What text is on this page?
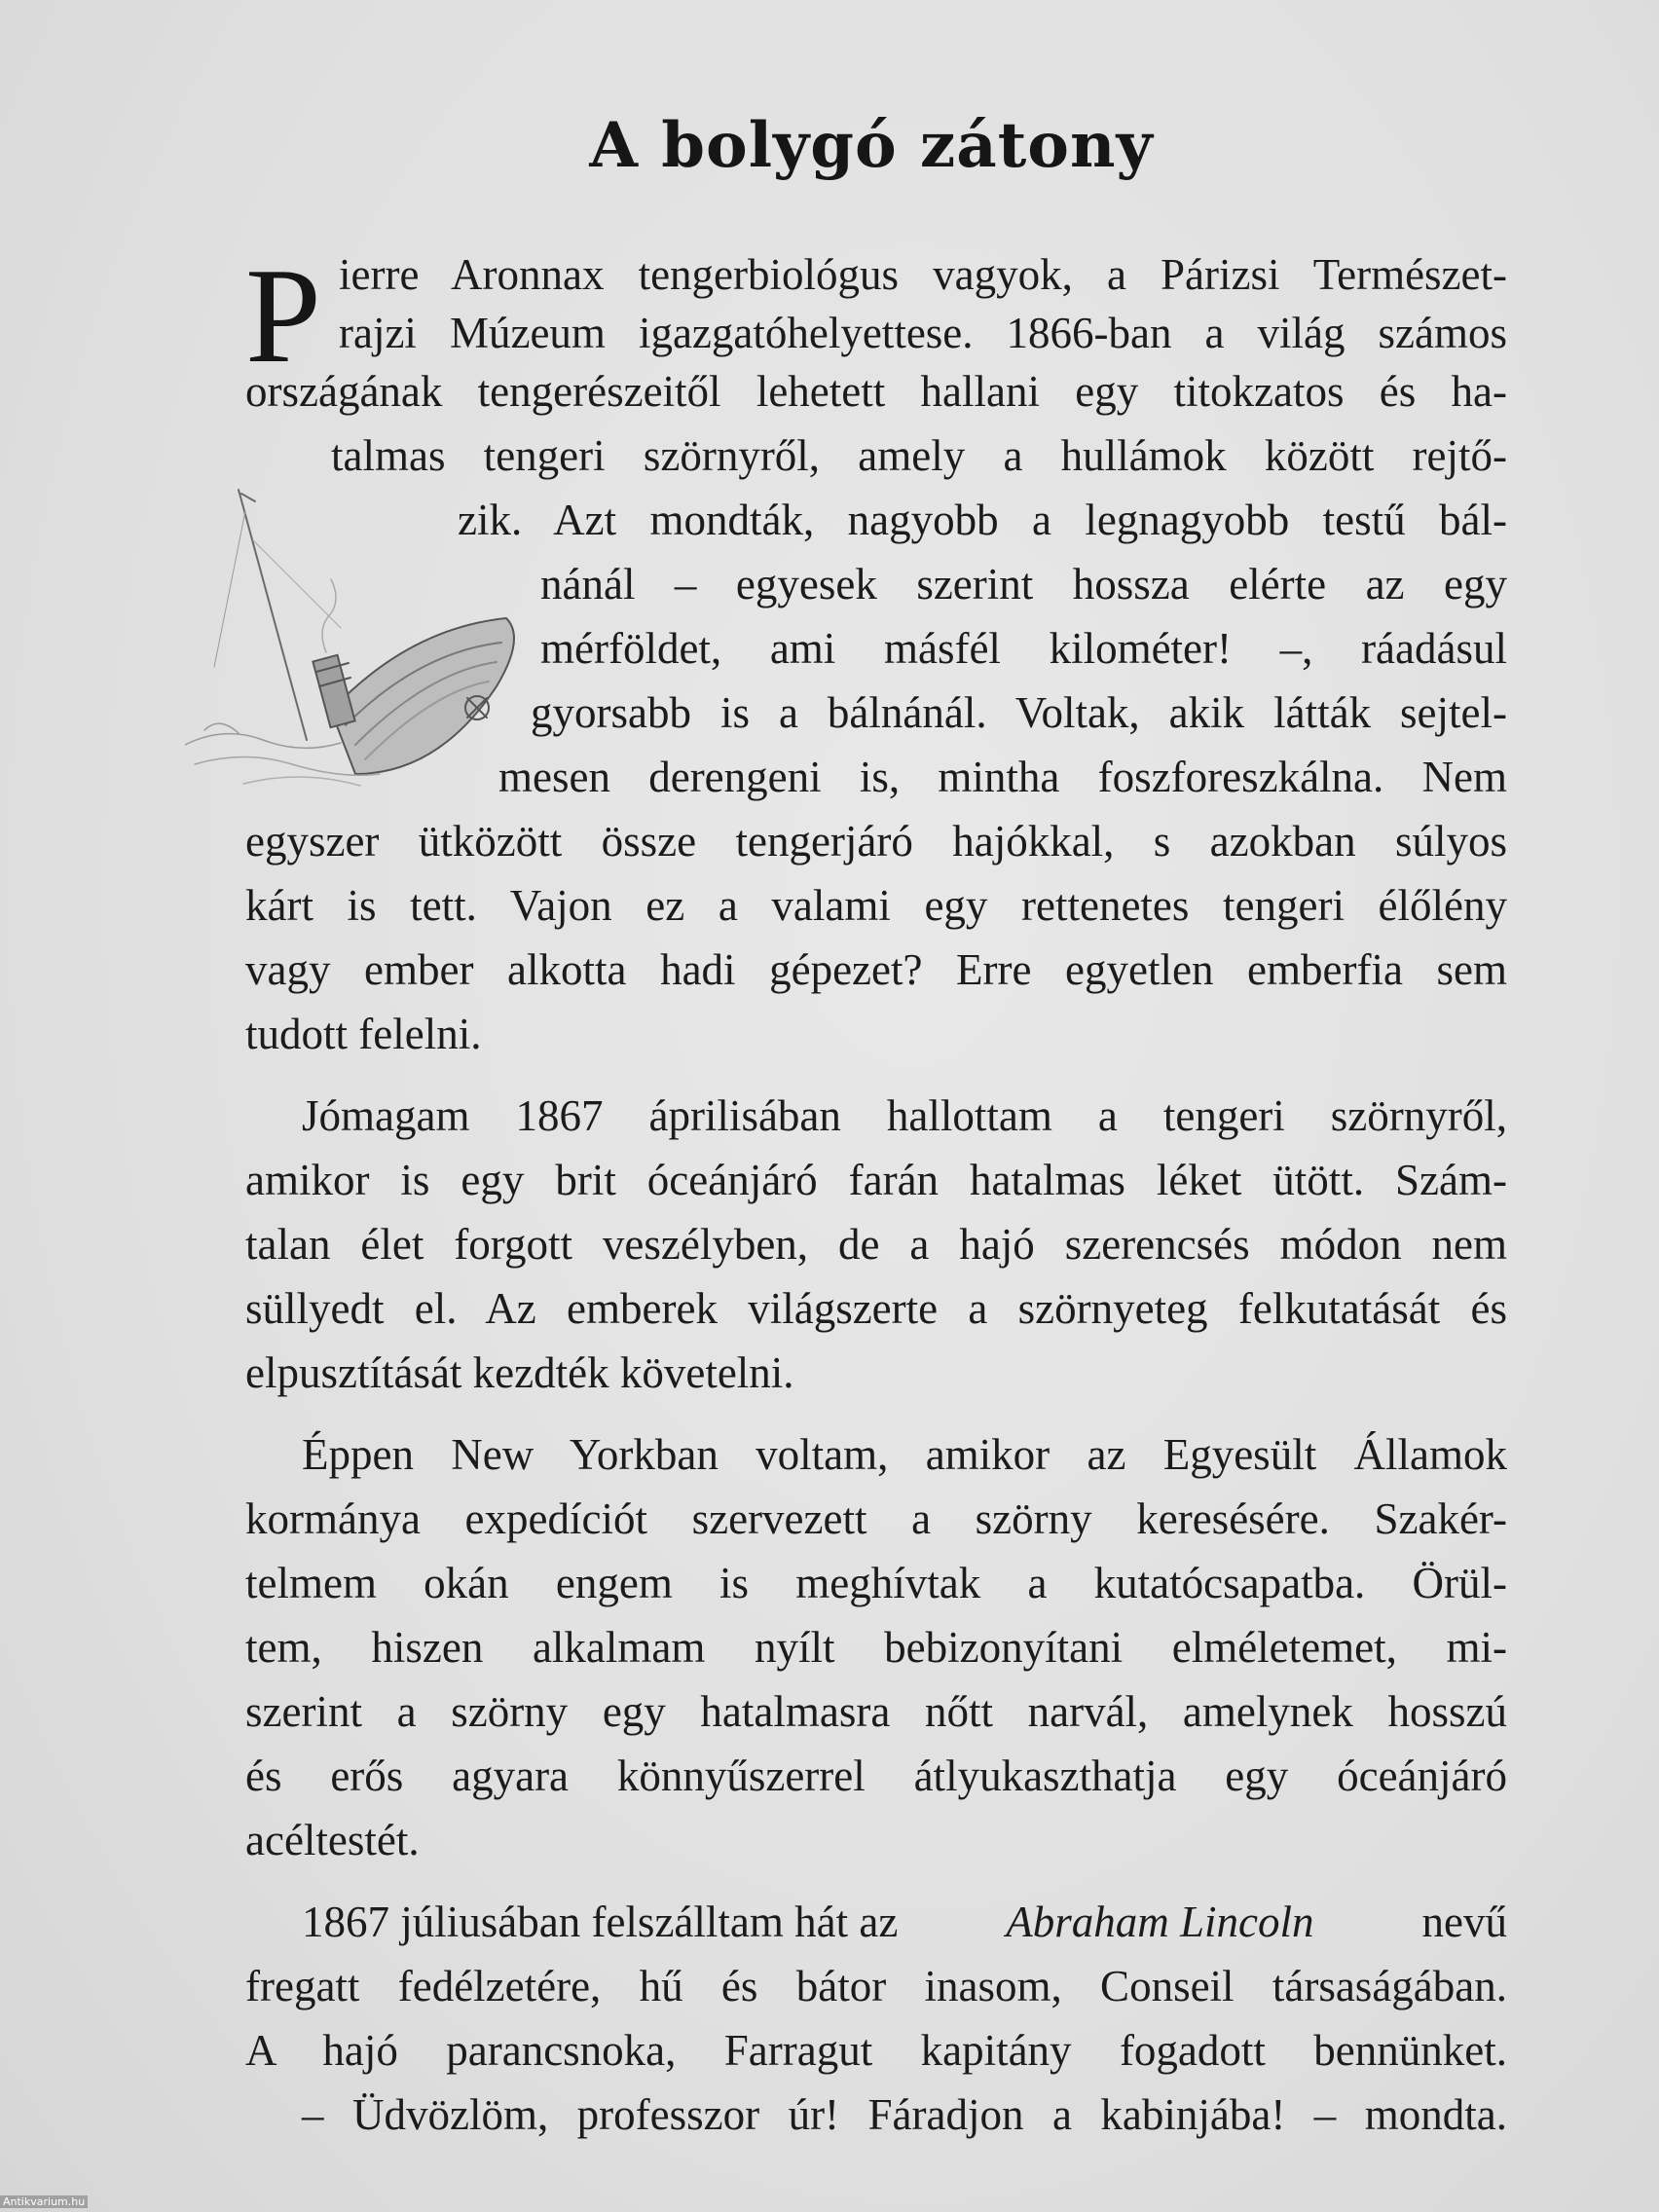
A bolygó zátony
P ierre Aronnax tengerbiológus vagyok, a Párizsi Természet-
rajzi Múzeum igazgatóhelyettese. 1866-ban a világ számos
országának tengerészeitől lehetett hallani egy titokzatos és ha-
talmas tengeri szörnyről, amely a hullámok között rejtő-
zik. Azt mondták, nagyobb a legnagyobb testű bál-
nánál – egyesek szerint hossza elérte az egy
mérföldet, ami másfél kilométer! –, ráadásul
gyorsabb is a bálnánál. Voltak, akik látták sejtel-
mesen derengeni is, mintha foszforeszkálna. Nem
egyszer ütközött össze tengerjáró hajókkal, s azokban súlyos
kárt is tett. Vajon ez a valami egy rettenetes tengeri élőlény
vagy ember alkotta hadi gépezet? Erre egyetlen emberfia sem
tudott felelni.
Jómagam 1867 áprilisában hallottam a tengeri szörnyről,
amikor is egy brit óceánjáró farán hatalmas léket ütött. Szám-
talan élet forgott veszélyben, de a hajó szerencsés módon nem
süllyedt el. Az emberek világszerte a szörnyeteg felkutatását és
elpusztítását kezdték követelni.
Éppen New Yorkban voltam, amikor az Egyesült Államok
kormánya expedíciót szervezett a szörny keresésére. Szakér-
telmem okán engem is meghívtak a kutatócsapatba. Örül-
tem, hiszen alkalmam nyílt bebizonyítani elméletemet, mi-
szerint a szörny egy hatalmasra nőtt narvál, amelynek hosszú
és erős agyara könnyűszerrel átlyukaszthatja egy óceánjáró
acéltestét.
1867 júliusában felszálltam hát az Abraham Lincoln nevű
fregatt fedélzetére, hű és bátor inasom, Conseil társaságában.
A hajó parancsnoka, Farragut kapitány fogadott bennünket.
– Üdvözlöm, professzor úr! Fáradjon a kabinjába! – mondta.
Antikvarium.hu
